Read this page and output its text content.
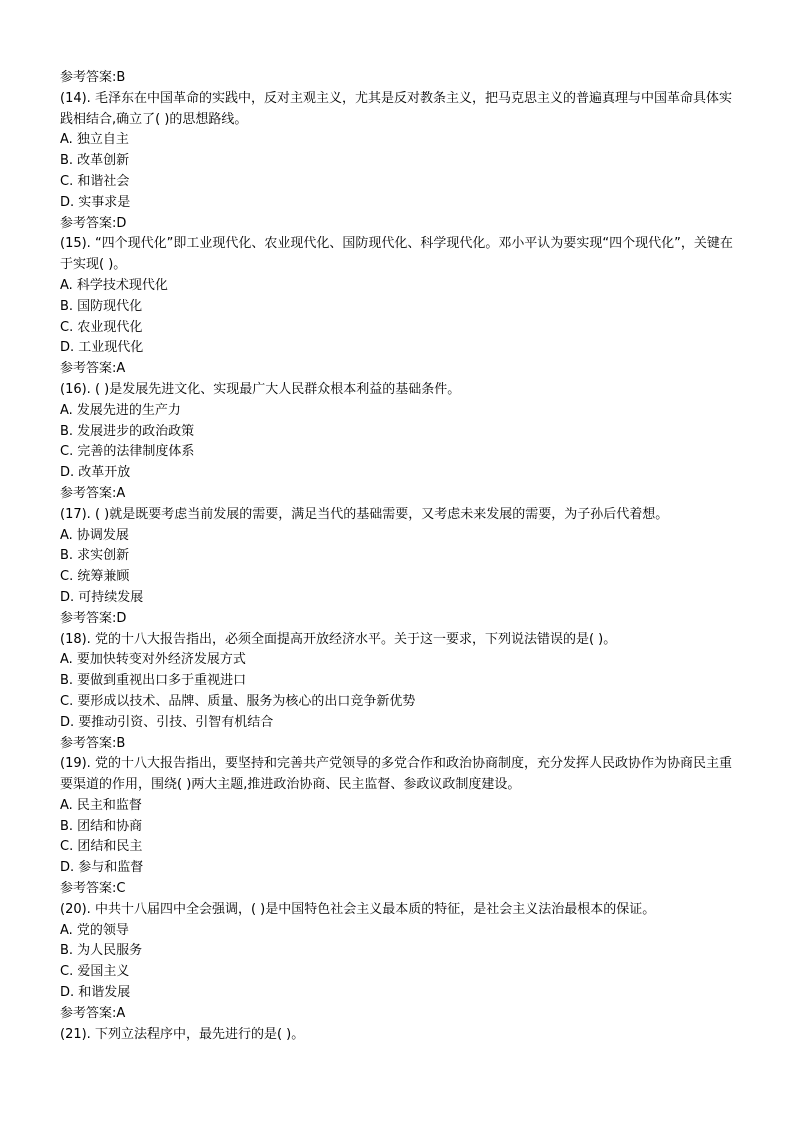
参考答案:B
(14). 毛泽东在中国革命的实践中，反对主观主义，尤其是反对教条主义，把马克思主义的普遍真理与中国革命具体实践相结合,确立了( )的思想路线。
A. 独立自主
B. 改革创新
C. 和谐社会
D. 实事求是
参考答案:D
(15). “四个现代化”即工业现代化、农业现代化、国防现代化、科学现代化。邓小平认为要实现“四个现代化”，关键在于实现( )。
A. 科学技术现代化
B. 国防现代化
C. 农业现代化
D. 工业现代化
参考答案:A
(16). ( )是发展先进文化、实现最广大人民群众根本利益的基础条件。
A. 发展先进的生产力
B. 发展进步的政治政策
C. 完善的法律制度体系
D. 改革开放
参考答案:A
(17). ( )就是既要考虑当前发展的需要，满足当代的基础需要，又考虑未来发展的需要，为子孙后代着想。
A. 协调发展
B. 求实创新
C. 统筹兼顾
D. 可持续发展
参考答案:D
(18). 党的十八大报告指出，必须全面提高开放经济水平。关于这一要求，下列说法错误的是( )。
A. 要加快转变对外经济发展方式
B. 要做到重视出口多于重视进口
C. 要形成以技术、品牌、质量、服务为核心的出口竞争新优势
D. 要推动引资、引技、引智有机结合
参考答案:B
(19). 党的十八大报告指出，要坚持和完善共产党领导的多党合作和政治协商制度，充分发挥人民政协作为协商民主重要渠道的作用，围绕( )两大主题,推进政治协商、民主监督、参政议政制度建设。
A. 民主和监督
B. 团结和协商
C. 团结和民主
D. 参与和监督
参考答案:C
(20). 中共十八届四中全会强调，( )是中国特色社会主义最本质的特征，是社会主义法治最根本的保证。
A. 党的领导
B. 为人民服务
C. 爱国主义
D. 和谐发展
参考答案:A
(21). 下列立法程序中，最先进行的是( )。
